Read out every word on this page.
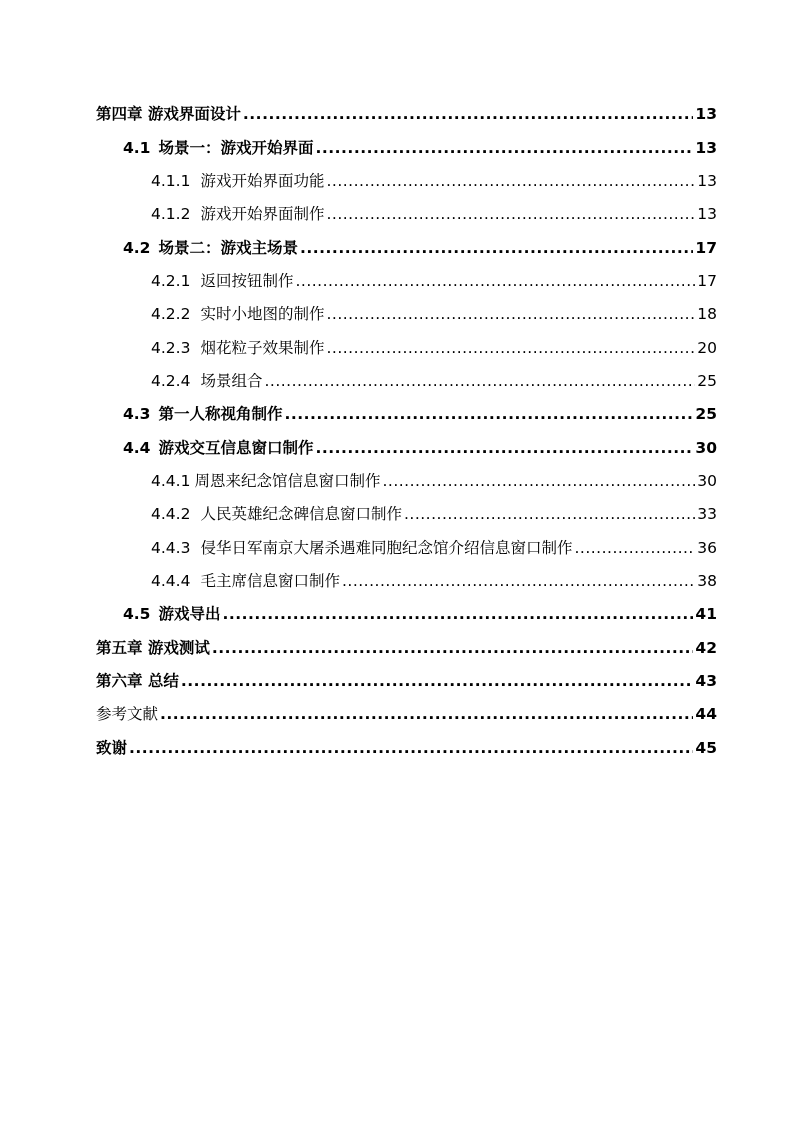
第四章 游戏界面设计 .....	13
4.1 场景一：游戏开始界面 .....	13
4.1.1 游戏开始界面功能 .....	13
4.1.2 游戏开始界面制作 .....	13
4.2 场景二：游戏主场景 .....	17
4.2.1 返回按钮制作 .....	17
4.2.2 实时小地图的制作 .....	18
4.2.3 烟花粒子效果制作 .....	20
4.2.4 场景组合 .....	25
4.3 第一人称视角制作 .....	25
4.4 游戏交互信息窗口制作 .....	30
4.4.1 周恩来纪念馆信息窗口制作 .....	30
4.4.2 人民英雄纪念碑信息窗口制作 .....	33
4.4.3 侵华日军南京大屠杀遇难同胞纪念馆介绍信息窗口制作 .....	36
4.4.4 毛主席信息窗口制作 .....	38
4.5 游戏导出 .....	41
第五章 游戏测试 .....	42
第六章 总结 .....	43
参考文献 .....	44
致谢 .....	45
